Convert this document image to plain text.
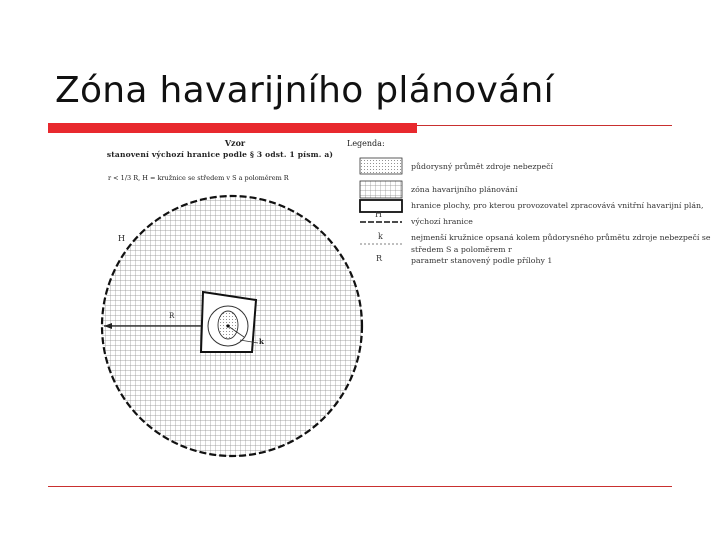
Zóna havarijního plánování
Vzor
stanovení výchozí hranice podle § 3 odst. 1 písm. a)
r < 1/3 R, H = kružnice se středem v S a poloměrem R
H
R
k
Legenda:
půdorysný průmět zdroje nebezpečí
zóna havarijního plánování
hranice plochy, pro kterou provozovatel zpracovává vnitřní havarijní plán,
H
výchozí hranice
k	nejmenší kružnice opsaná kolem půdorysného průmětu zdroje nebezpečí se
středem S a poloměrem r
R	parametr stanovený podle přílohy 1
